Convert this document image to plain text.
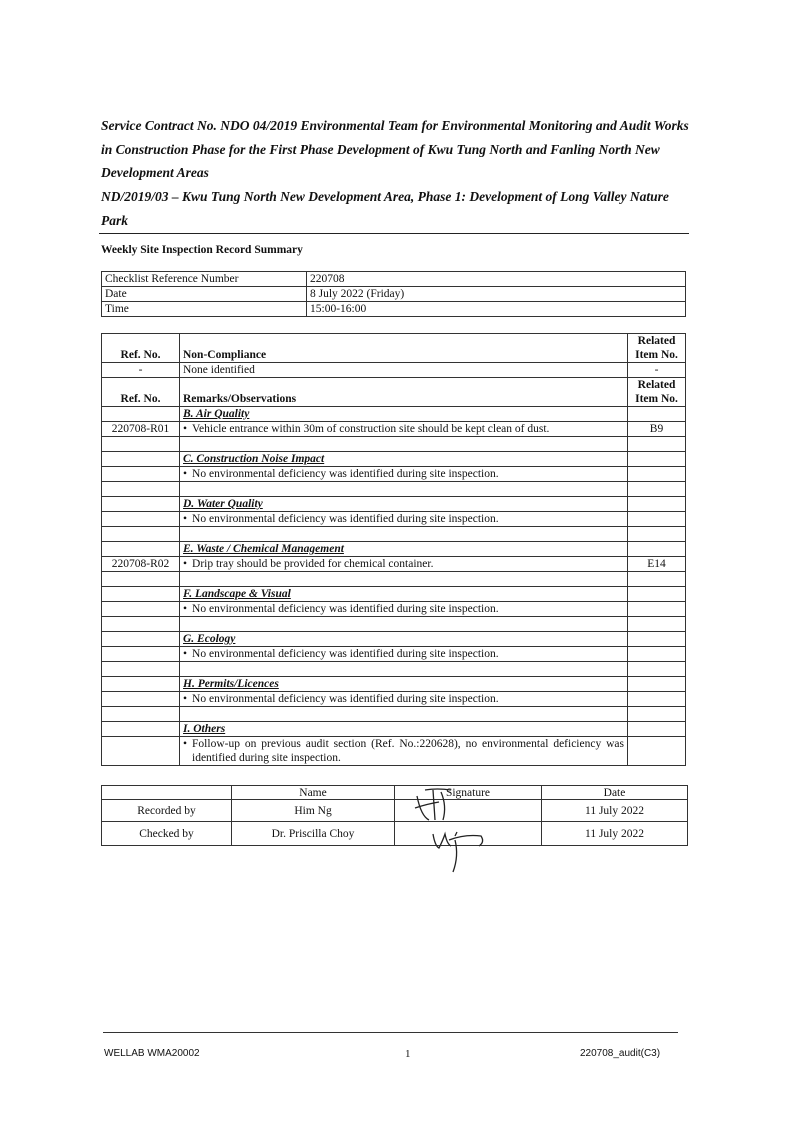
Service Contract No. NDO 04/2019 Environmental Team for Environmental Monitoring and Audit Works in Construction Phase for the First Phase Development of Kwu Tung North and Fanling North New Development Areas
ND/2019/03 – Kwu Tung North New Development Area, Phase 1: Development of Long Valley Nature Park
Weekly Site Inspection Record Summary
Checklist Reference Number	220708
Date	8 July 2022 (Friday)
Time	15:00-16:00
Ref. No.	Non-Compliance	Related Item No.
-	None identified	-
Ref. No.	Remarks/Observations	Related Item No.
	B. Air Quality	
220708-R01	• Vehicle entrance within 30m of construction site should be kept clean of dust.	B9

	C. Construction Noise Impact	
	• No environmental deficiency was identified during site inspection.	

	D. Water Quality	
	• No environmental deficiency was identified during site inspection.	

	E. Waste / Chemical Management	
220708-R02	• Drip tray should be provided for chemical container.	E14

	F. Landscape & Visual	
	• No environmental deficiency was identified during site inspection.	

	G. Ecology	
	• No environmental deficiency was identified during site inspection.	

	H. Permits/Licences	
	• No environmental deficiency was identified during site inspection.	

	I. Others	
	• Follow-up on previous audit section (Ref. No.:220628), no environmental deficiency was identified during site inspection.	
	Name	Signature	Date
Recorded by	Him Ng		11 July 2022
Checked by	Dr. Priscilla Choy		11 July 2022
WELLAB WMA20002	1	220708_audit(C3)
